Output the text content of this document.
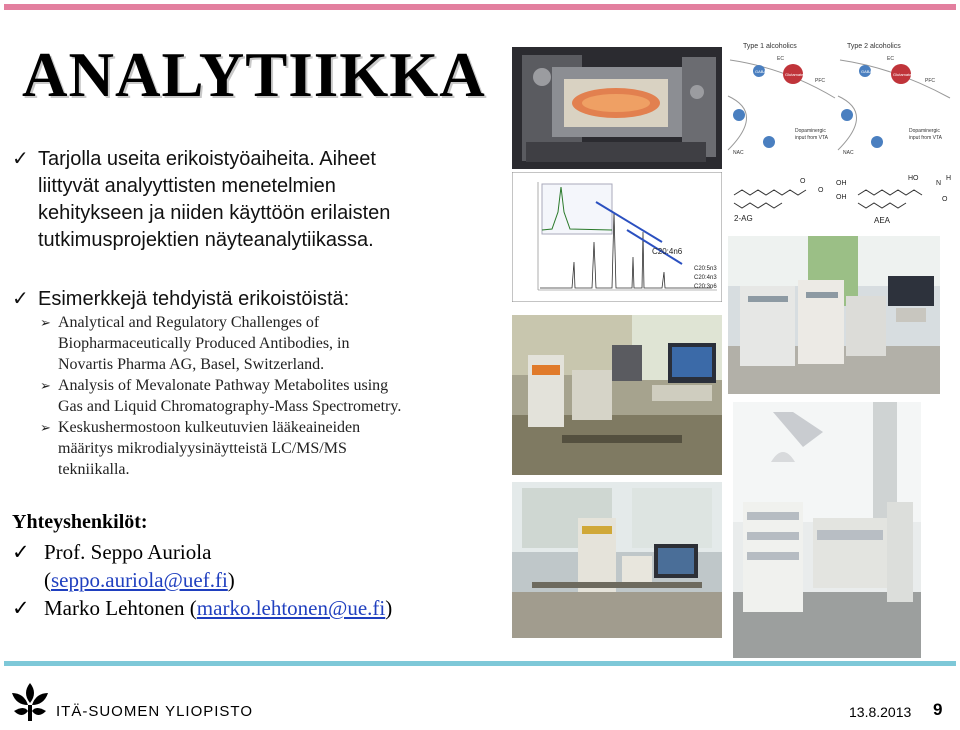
ANALYTIIKKA
✓ Tarjolla useita erikoistyöaiheita. Aiheet
liittyvät analyyttisten menetelmien
kehitykseen ja niiden käyttöön erilaisten
tutkimusprojektien näyteanalytiikassa.
✓ Esimerkkejä tehdyistä erikoistöistä:
➢ Analytical and Regulatory Challenges of
Biopharmaceutically Produced Antibodies, in
Novartis Pharma AG, Basel, Switzerland.
➢ Analysis of Mevalonate Pathway Metabolites using
Gas and Liquid Chromatography-Mass Spectrometry.
➢ Keskushermostoon kulkeutuvien lääkeaineiden
määritys mikrodialyysinäytteistä LC/MS/MS
tekniikalla.
Yhteyshenkilöt:
✓ Prof. Seppo Auriola
(seppo.auriola@uef.fi)
✓ Marko Lehtonen (marko.lehtonen@ue.fi)
Type 1 alcoholics	Type 2 alcoholics
EC	EC
GABA	GABA
Glutamate	Glutamate
PFC	PFC
Dopaminergic
input from VTA
Dopaminergic
input from VTA
NAC	NAC
C20:4n6
C20:5n3
C20:4n3
C20:3n6
O
O
OH
OH
2-AG
HO
N
H
O
AEA
ITÄ-SUOMEN YLIOPISTO	13.8.2013 9
